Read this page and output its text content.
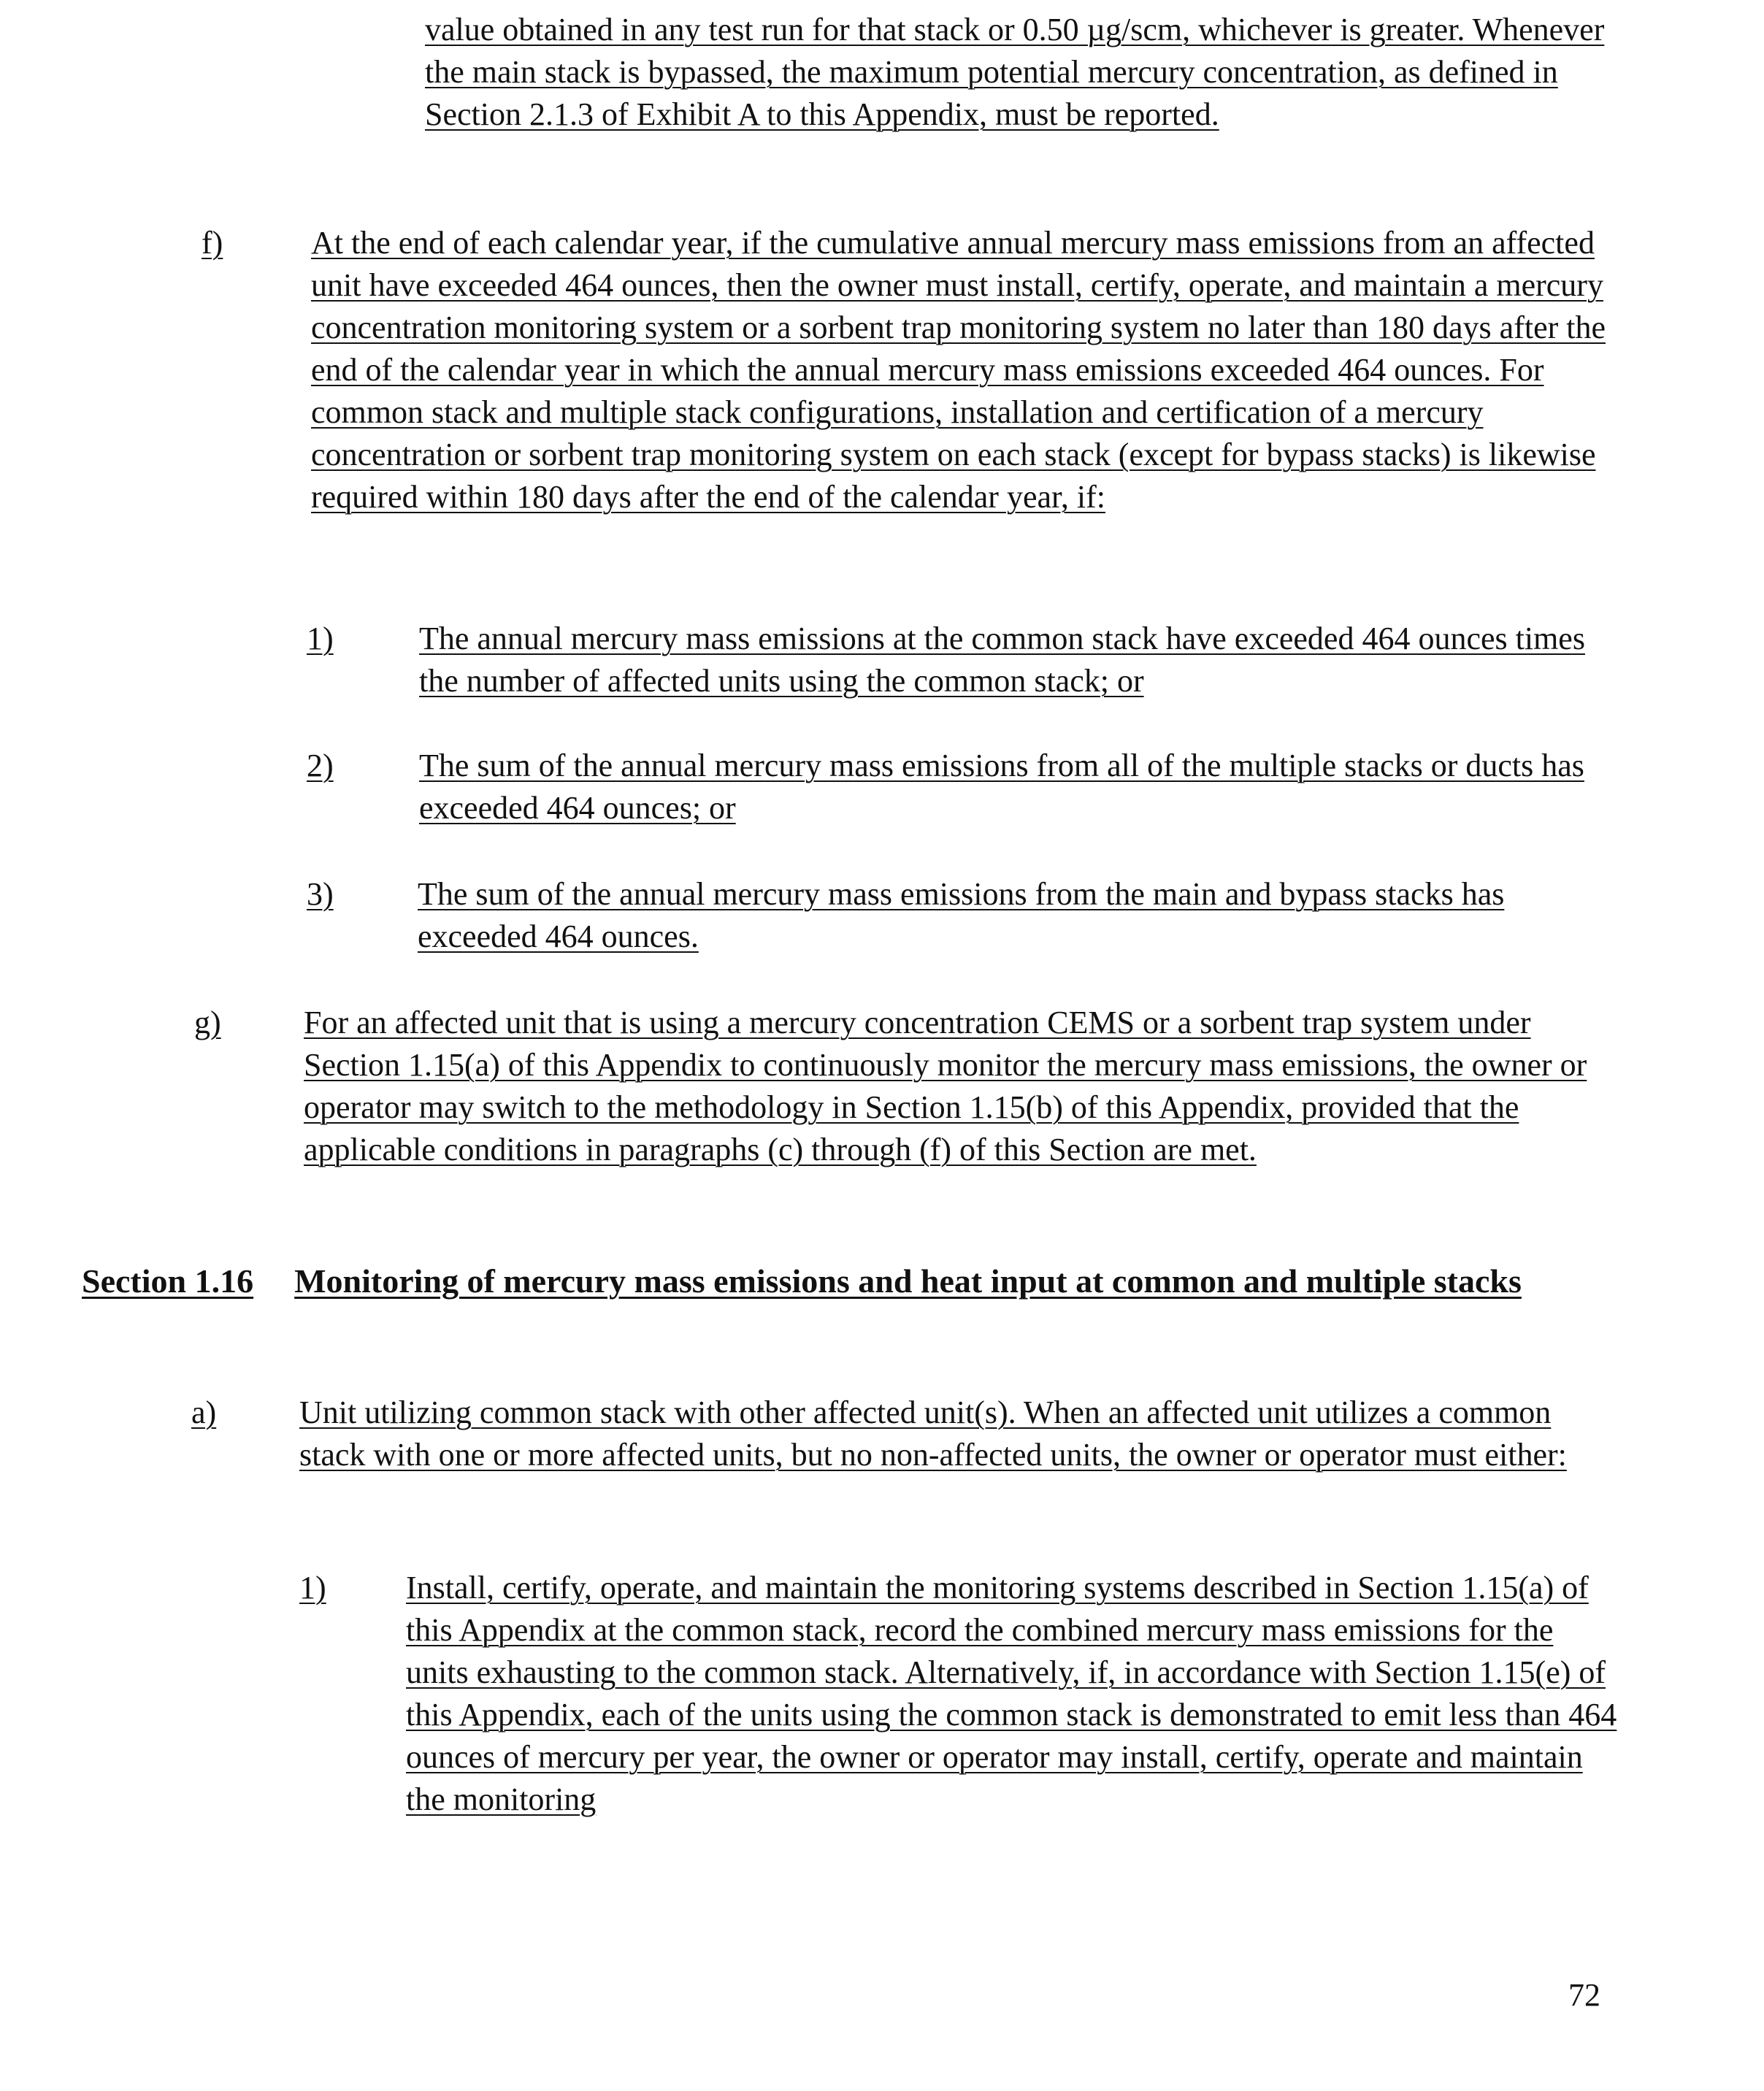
value obtained in any test run for that stack or 0.50 µg/scm, whichever is greater. Whenever the main stack is bypassed, the maximum potential mercury concentration, as defined in Section 2.1.3 of Exhibit A to this Appendix, must be reported.
f)	At the end of each calendar year, if the cumulative annual mercury mass emissions from an affected unit have exceeded 464 ounces, then the owner must install, certify, operate, and maintain a mercury concentration monitoring system or a sorbent trap monitoring system no later than 180 days after the end of the calendar year in which the annual mercury mass emissions exceeded 464 ounces. For common stack and multiple stack configurations, installation and certification of a mercury concentration or sorbent trap monitoring system on each stack (except for bypass stacks) is likewise required within 180 days after the end of the calendar year, if:
1)	The annual mercury mass emissions at the common stack have exceeded 464 ounces times the number of affected units using the common stack; or
2)	The sum of the annual mercury mass emissions from all of the multiple stacks or ducts has exceeded 464 ounces; or
3)	The sum of the annual mercury mass emissions from the main and bypass stacks has exceeded 464 ounces.
g)	For an affected unit that is using a mercury concentration CEMS or a sorbent trap system under Section 1.15(a) of this Appendix to continuously monitor the mercury mass emissions, the owner or operator may switch to the methodology in Section 1.15(b) of this Appendix, provided that the applicable conditions in paragraphs (c) through (f) of this Section are met.
Section 1.16 Monitoring of mercury mass emissions and heat input at common and multiple stacks
a)	Unit utilizing common stack with other affected unit(s). When an affected unit utilizes a common stack with one or more affected units, but no non-affected units, the owner or operator must either:
1)	Install, certify, operate, and maintain the monitoring systems described in Section 1.15(a) of this Appendix at the common stack, record the combined mercury mass emissions for the units exhausting to the common stack. Alternatively, if, in accordance with Section 1.15(e) of this Appendix, each of the units using the common stack is demonstrated to emit less than 464 ounces of mercury per year, the owner or operator may install, certify, operate and maintain the monitoring
72
